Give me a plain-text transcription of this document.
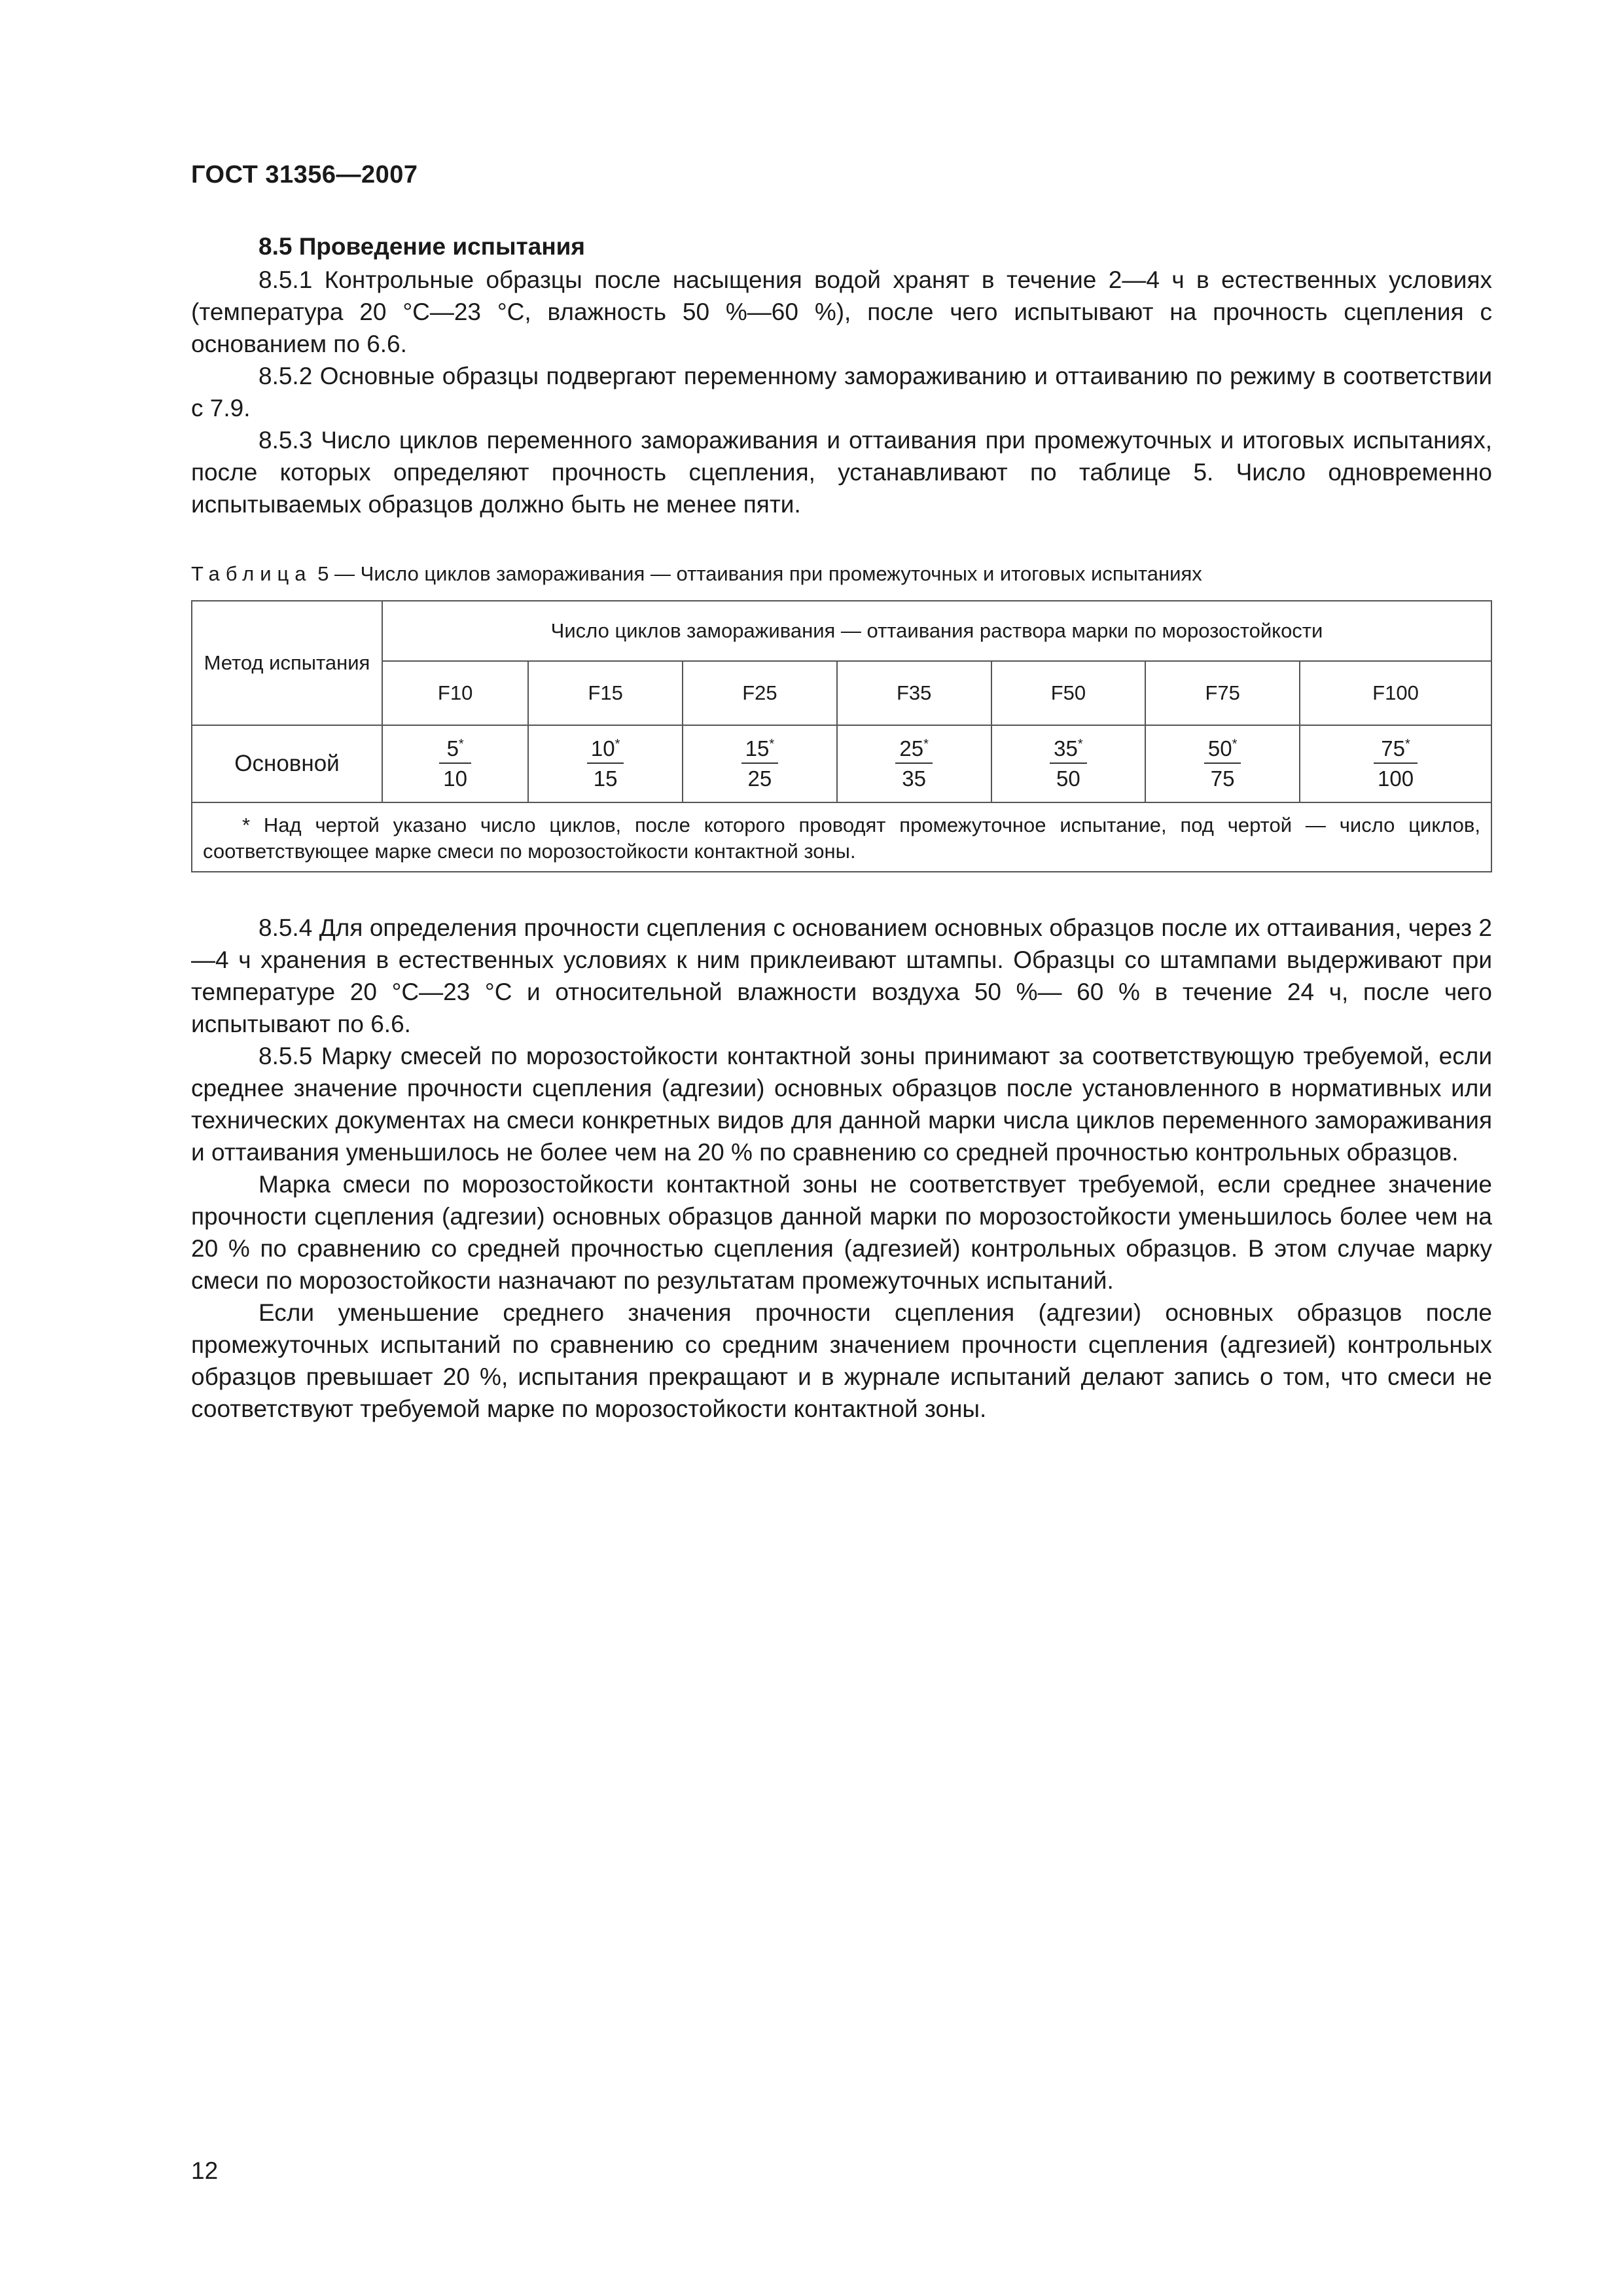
ГОСТ 31356—2007

8.5 Проведение испытания

8.5.1 Контрольные образцы после насыщения водой хранят в течение 2—4 ч в естественных условиях (температура 20 °С—23 °С, влажность 50 %—60 %), после чего испытывают на прочность сцепления с основанием по 6.6.

8.5.2 Основные образцы подвергают переменному замораживанию и оттаиванию по режиму в соответствии с 7.9.

8.5.3 Число циклов переменного замораживания и оттаивания при промежуточных и итоговых испытаниях, после которых определяют прочность сцепления, устанавливают по таблице 5. Число одновременно испытываемых образцов должно быть не менее пяти.

Таблица 5 — Число циклов замораживания — оттаивания при промежуточных и итоговых испытаниях

Метод испытания	Число циклов замораживания — оттаивания раствора марки по морозостойкости						
	F10	F15	F25	F35	F50	F75	F100
Основной	$\frac{5^*}{10}$	$\frac{10^*}{15}$	$\frac{15^*}{25}$	$\frac{25^*}{35}$	$\frac{35^*}{50}$	$\frac{50^*}{75}$	$\frac{75^*}{100}$

* Над чертой указано число циклов, после которого проводят промежуточное испытание, под чертой — число циклов, соответствующее марке смеси по морозостойкости контактной зоны.							

8.5.4 Для определения прочности сцепления с основанием основных образцов после их оттаивания, через 2—4 ч хранения в естественных условиях к ним приклеивают штампы. Образцы со штампами выдерживают при температуре 20 °С—23 °С и относительной влажности воздуха 50 %— 60 % в течение 24 ч, после чего испытывают по 6.6.

8.5.5 Марку смесей по морозостойкости контактной зоны принимают за соответствующую требуемой, если среднее значение прочности сцепления (адгезии) основных образцов после установленного в нормативных или технических документах на смеси конкретных видов для данной марки числа циклов переменного замораживания и оттаивания уменьшилось не более чем на 20 % по сравнению со средней прочностью контрольных образцов.

Марка смеси по морозостойкости контактной зоны не соответствует требуемой, если среднее значение прочности сцепления (адгезии) основных образцов данной марки по морозостойкости уменьшилось более чем на 20 % по сравнению со средней прочностью сцепления (адгезией) контрольных образцов. В этом случае марку смеси по морозостойкости назначают по результатам промежуточных испытаний.

Если уменьшение среднего значения прочности сцепления (адгезии) основных образцов после промежуточных испытаний по сравнению со средним значением прочности сцепления (адгезией) контрольных образцов превышает 20 %, испытания прекращают и в журнале испытаний делают запись о том, что смеси не соответствуют требуемой марке по морозостойкости контактной зоны.

12
